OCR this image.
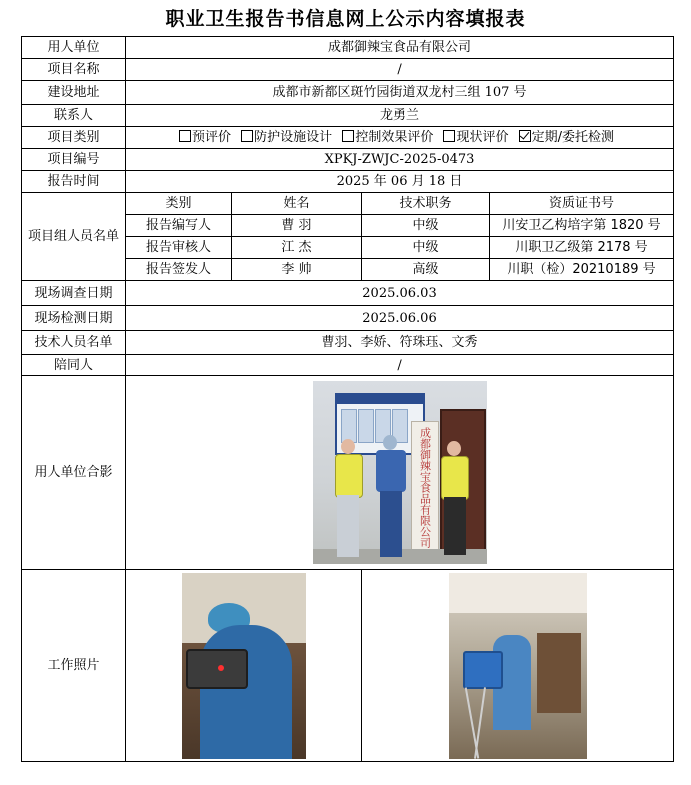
职业卫生报告书信息网上公示内容填报表
用人单位	成都御辣宝食品有限公司			
项目名称	/			
建设地址	成都市新都区斑竹园街道双龙村三组 107 号			
联系人	龙勇兰			
项目类别	预评价 防护设施设计 控制效果评价 现状评价 定期/委托检测			
项目编号	XPKJ-ZWJC-2025-0473			
报告时间	2025 年 06 月 18 日			
项目组人员名单	类别	姓名	技术职务	资质证书号
	报告编写人	曹 羽	中级	川安卫乙构培字第 1820 号
	报告审核人	江 杰	中级	川职卫乙级第 2178 号
	报告签发人	李 帅	高级	川职（检）20210189 号
现场调查日期	2025.06.03			
现场检测日期	2025.06.06			
技术人员名单	曹羽、李娇、符珠珏、文秀			
陪同人	/			
用人单位合影	成都御辣宝食品有限公司			

工作照片			
